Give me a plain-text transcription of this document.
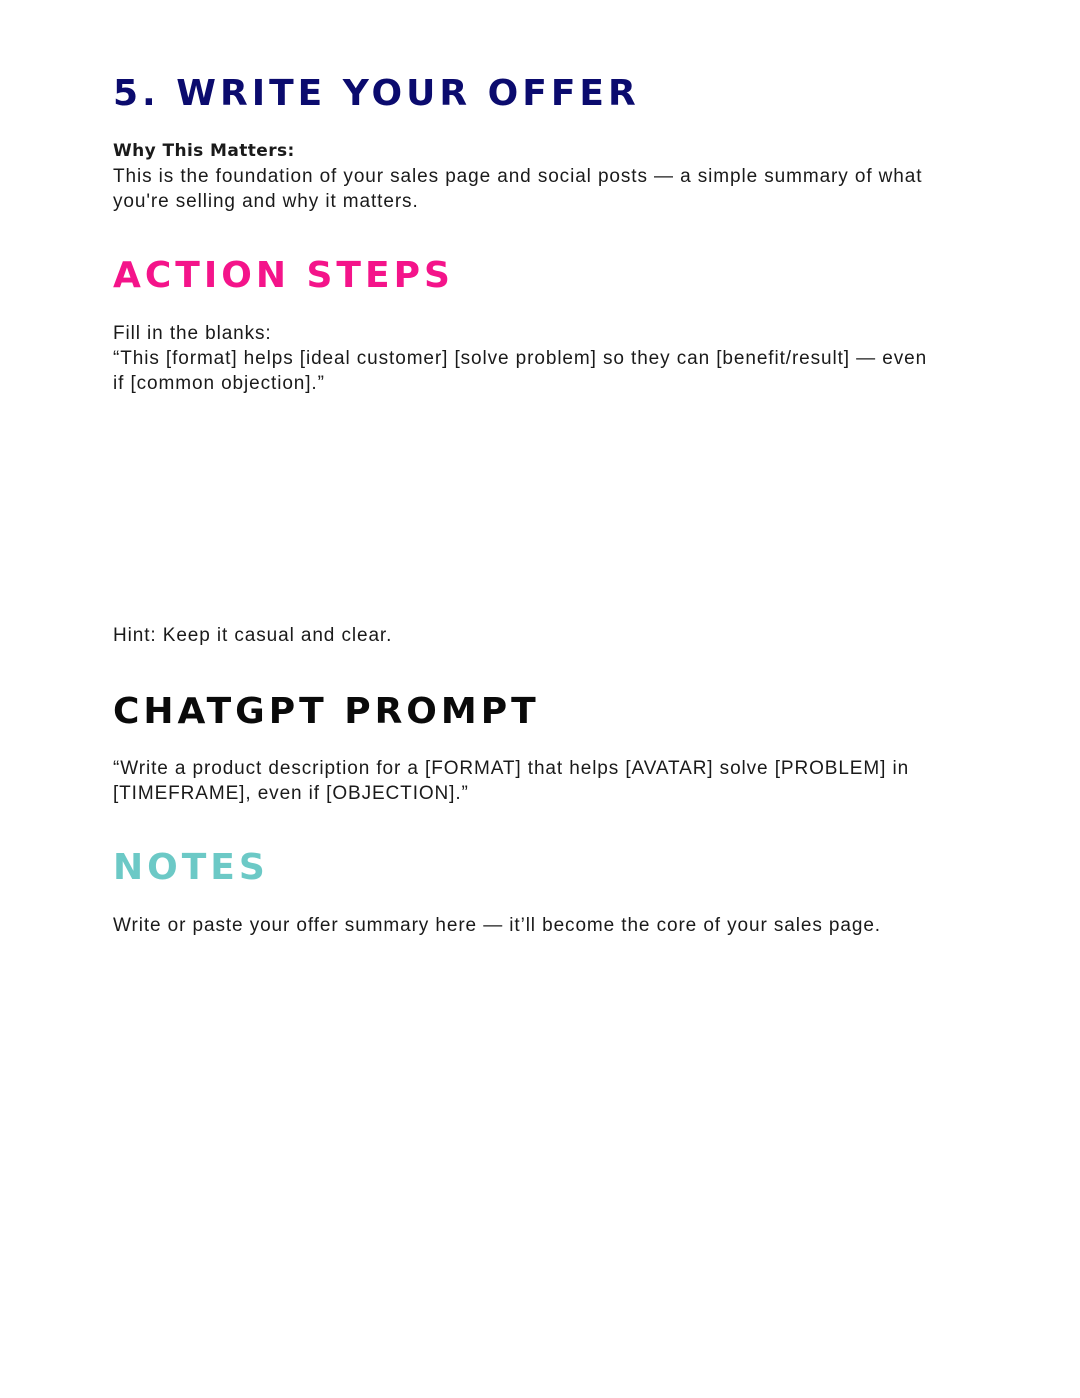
5. WRITE YOUR OFFER
Why This Matters:
This is the foundation of your sales page and social posts — a simple summary of what
you're selling and why it matters.
ACTION STEPS
Fill in the blanks:
“This [format] helps [ideal customer] [solve problem] so they can [benefit/result] — even
if [common objection].”

Hint: Keep it casual and clear.

CHATGPT PROMPT
“Write a product description for a [FORMAT] that helps [AVATAR] solve [PROBLEM] in
[TIMEFRAME], even if [OBJECTION].”
NOTES

Write or paste your offer summary here — it’ll become the core of your sales page.
